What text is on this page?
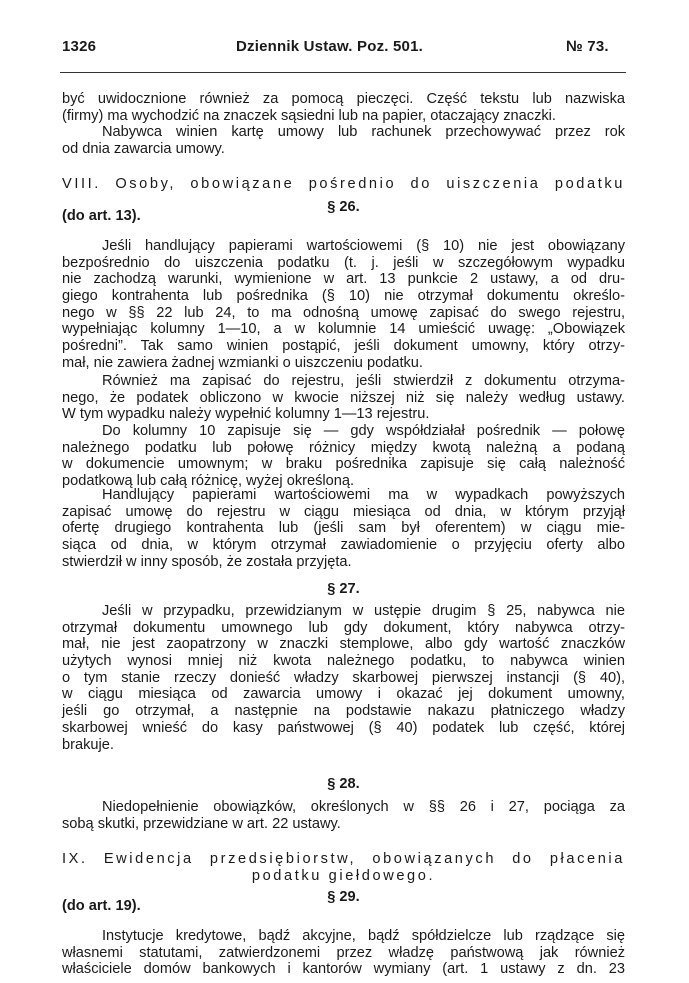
1326	Dziennik Ustaw. Poz. 501.	№ 73.
być uwidocznione również za pomocą pieczęci. Część tekstu lub nazwiska
(firmy) ma wychodzić na znaczek sąsiedni lub na papier, otaczający znaczki.
Nabywca winien kartę umowy lub rachunek przechowywać przez rok
od dnia zawarcia umowy.
VIII. Osoby, obowiązane pośrednio do uiszczenia podatku
§ 26.
(do art. 13).
Jeśli handlujący papierami wartościowemi (§ 10) nie jest obowiązany
bezpośrednio do uiszczenia podatku (t. j. jeśli w szczegółowym wypadku
nie zachodzą warunki, wymienione w art. 13 punkcie 2 ustawy, a od dru-
giego kontrahenta lub pośrednika (§ 10) nie otrzymał dokumentu określo-
nego w §§ 22 lub 24, to ma odnośną umowę zapisać do swego rejestru,
wypełniając kolumny 1—10, a w kolumnie 14 umieścić uwagę: „Obowiązek
pośredni”. Tak samo winien postąpić, jeśli dokument umowny, który otrzy-
mał, nie zawiera żadnej wzmianki o uiszczeniu podatku.
Również ma zapisać do rejestru, jeśli stwierdził z dokumentu otrzyma-
nego, że podatek obliczono w kwocie niższej niż się należy według ustawy.
W tym wypadku należy wypełnić kolumny 1—13 rejestru.
Do kolumny 10 zapisuje się — gdy współdziałał pośrednik — połowę
należnego podatku lub połowę różnicy między kwotą należną a podaną
w dokumencie umownym; w braku pośrednika zapisuje się całą należność
podatkową lub całą różnicę, wyżej określoną.
Handlujący papierami wartościowemi ma w wypadkach powyższych
zapisać umowę do rejestru w ciągu miesiąca od dnia, w którym przyjął
ofertę drugiego kontrahenta lub (jeśli sam był oferentem) w ciągu mie-
siąca od dnia, w którym otrzymał zawiadomienie o przyjęciu oferty albo
stwierdził w inny sposób, że została przyjęta.
§ 27.
Jeśli w przypadku, przewidzianym w ustępie drugim § 25, nabywca nie
otrzymał dokumentu umownego lub gdy dokument, który nabywca otrzy-
mał, nie jest zaopatrzony w znaczki stemplowe, albo gdy wartość znaczków
użytych wynosi mniej niż kwota należnego podatku, to nabywca winien
o tym stanie rzeczy donieść władzy skarbowej pierwszej instancji (§ 40),
w ciągu miesiąca od zawarcia umowy i okazać jej dokument umowny,
jeśli go otrzymał, a następnie na podstawie nakazu płatniczego władzy
skarbowej wnieść do kasy państwowej (§ 40) podatek lub część, której
brakuje.
§ 28.
Niedopełnienie obowiązków, określonych w §§ 26 i 27, pociąga za
sobą skutki, przewidziane w art. 22 ustawy.
IX. Ewidencja przedsiębiorstw, obowiązanych do płacenia
podatku giełdowego.
§ 29.
(do art. 19).
Instytucje kredytowe, bądź akcyjne, bądź spółdzielcze lub rządzące się
własnemi statutami, zatwierdzonemi przez władzę państwową jak również
właściciele domów bankowych i kantorów wymiany (art. 1 ustawy z dn. 23
